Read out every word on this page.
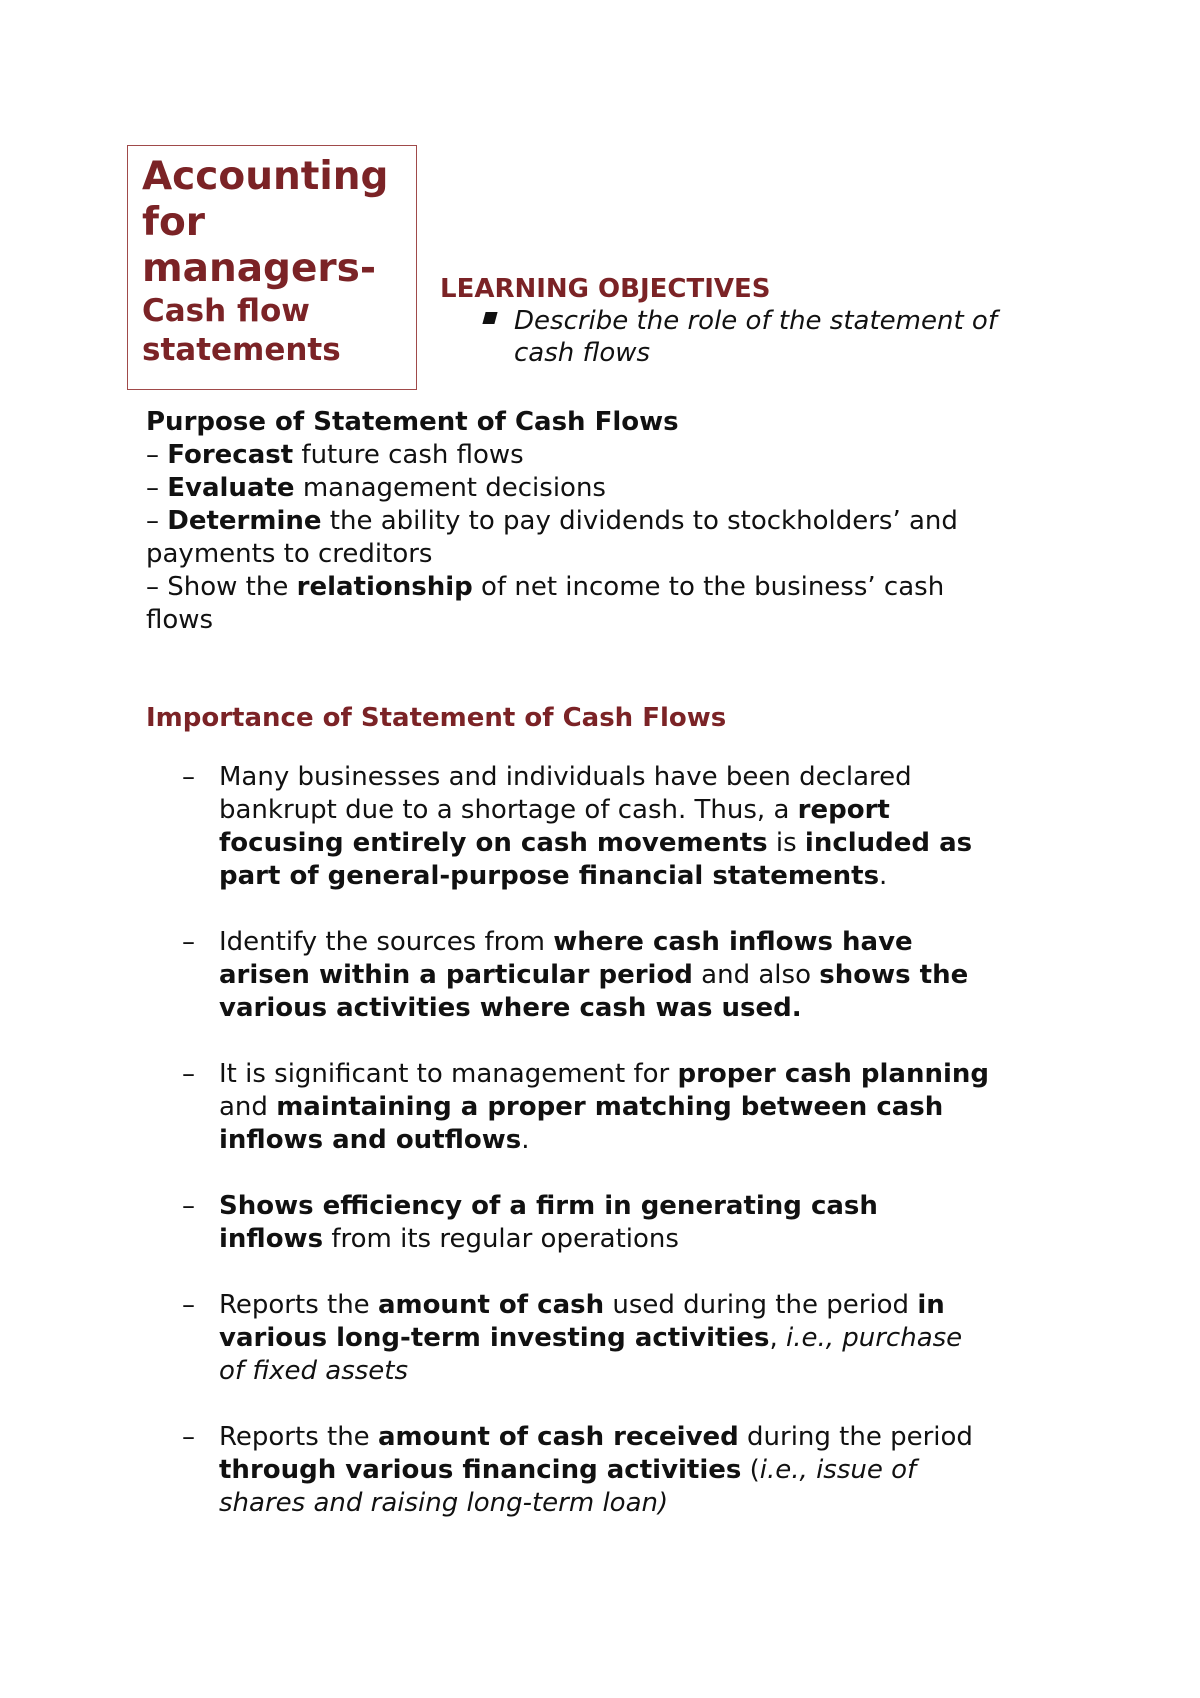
Accounting
for
managers-
Cash flow
statements
LEARNING OBJECTIVES
Describe the role of the statement of
cash flows
Purpose of Statement of Cash Flows

– Forecast future cash flows

– Evaluate management decisions

– Determine the ability to pay dividends to stockholders’ and
payments to creditors

– Show the relationship of net income to the business’ cash
flows

Importance of Statement of Cash Flows
– Many businesses and individuals have been declared
bankrupt due to a shortage of cash. Thus, a report
focusing entirely on cash movements is included as
part of general-purpose financial statements.
– Identify the sources from where cash inflows have
arisen within a particular period and also shows the
various activities where cash was used.
– It is significant to management for proper cash planning
and maintaining a proper matching between cash
inflows and outflows.
– Shows efficiency of a firm in generating cash
inflows from its regular operations
– Reports the amount of cash used during the period in
various long-term investing activities, i.e., purchase
of fixed assets
– Reports the amount of cash received during the period
through various financing activities (i.e., issue of
shares and raising long-term loan)
